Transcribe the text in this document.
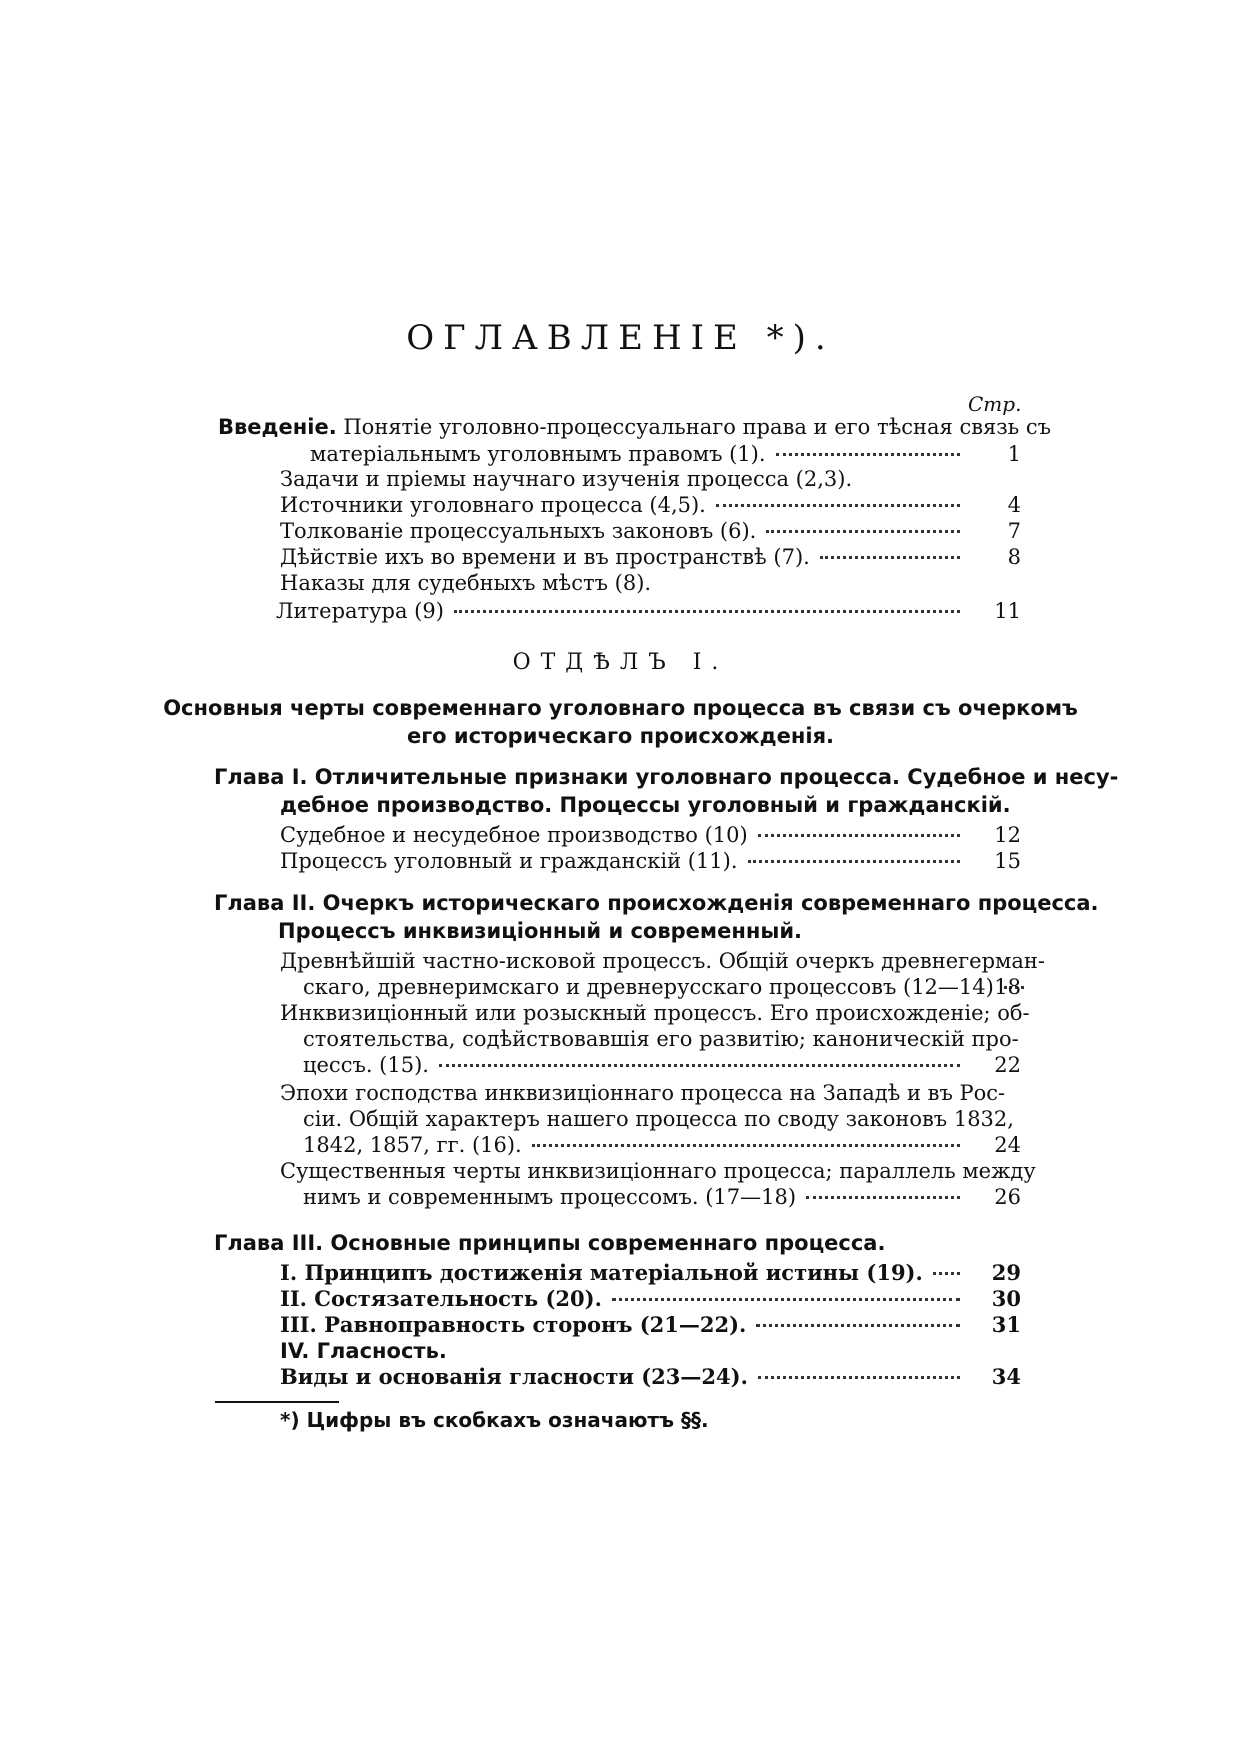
ОГЛАВЛЕНIЕ *).
Стр.
Введенiе. Понятiе уголовно-процессуальнаго права и его тѣсная связь съ
матерiальнымъ уголовнымъ правомъ (1).	1
Задачи и прiемы научнаго изученiя процесса (2,3).
Источники уголовнаго процесса (4,5).	4
Толкованiе процессуальныхъ законовъ (6).	7
Дѣйствiе ихъ во времени и въ пространствѣ (7).	8
Наказы для судебныхъ мѣстъ (8).
Литература (9)	11
ОТДѢЛЪ I.
Основныя черты современнаго уголовнаго процесса въ связи съ очеркомъ
его историческаго происхожденiя.
Глава I. Отличительные признаки уголовнаго процесса. Судебное и несу-
дебное производство. Процессы уголовный и гражданскiй.
Судебное и несудебное производство (10)	12
Процессъ уголовный и гражданскiй (11).	15
Глава II. Очеркъ историческаго происхожденiя современнаго процесса.
Процессъ инквизицiонный и современный.
Древнѣйшiй частно-исковой процессъ. Общiй очеркъ древнегерман-
скаго, древнеримскаго и древнерусскаго процессовъ (12—14) 18
Инквизицiонный или розыскный процессъ. Его происхожденiе; об-
стоятельства, содѣйствовавшiя его развитiю; каноническiй про-
цессъ. (15).	22
Эпохи господства инквизицiоннаго процесса на Западѣ и въ Рос-
сiи. Общiй характеръ нашего процесса по своду законовъ 1832,
1842, 1857, гг. (16).	24
Существенныя черты инквизицiоннаго процесса; параллель между
нимъ и современнымъ процессомъ. (17—18)	26
Глава III. Основные принципы современнаго процесса.
I. Принципъ достиженiя матерiальной истины (19).	29
II. Состязательность (20).	30
III. Равноправность сторонъ (21—22).	31
IV. Гласность.
Виды и основанiя гласности (23—24).	34
*) Цифры въ скобкахъ означаютъ §§.
